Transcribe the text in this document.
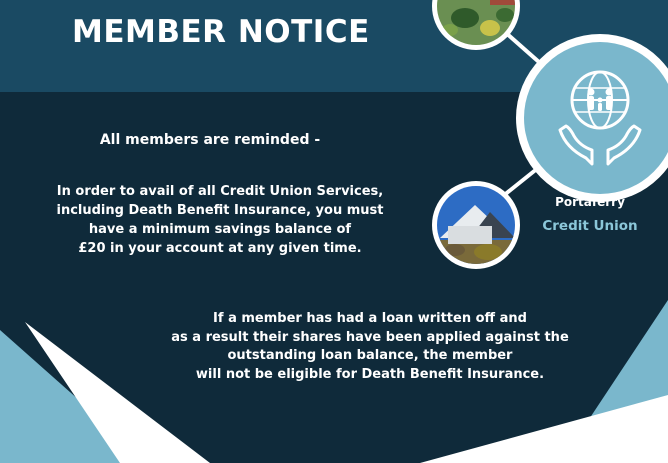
MEMBER NOTICE
All members are reminded -
In order to avail of all Credit Union Services,
including Death Benefit Insurance, you must
have a minimum savings balance of
£20 in your account at any given time.
If a member has had a loan written off and
as a result their shares have been applied against the
outstanding loan balance, the member
will not be eligible for Death Benefit Insurance.
Portaferry
Credit Union
